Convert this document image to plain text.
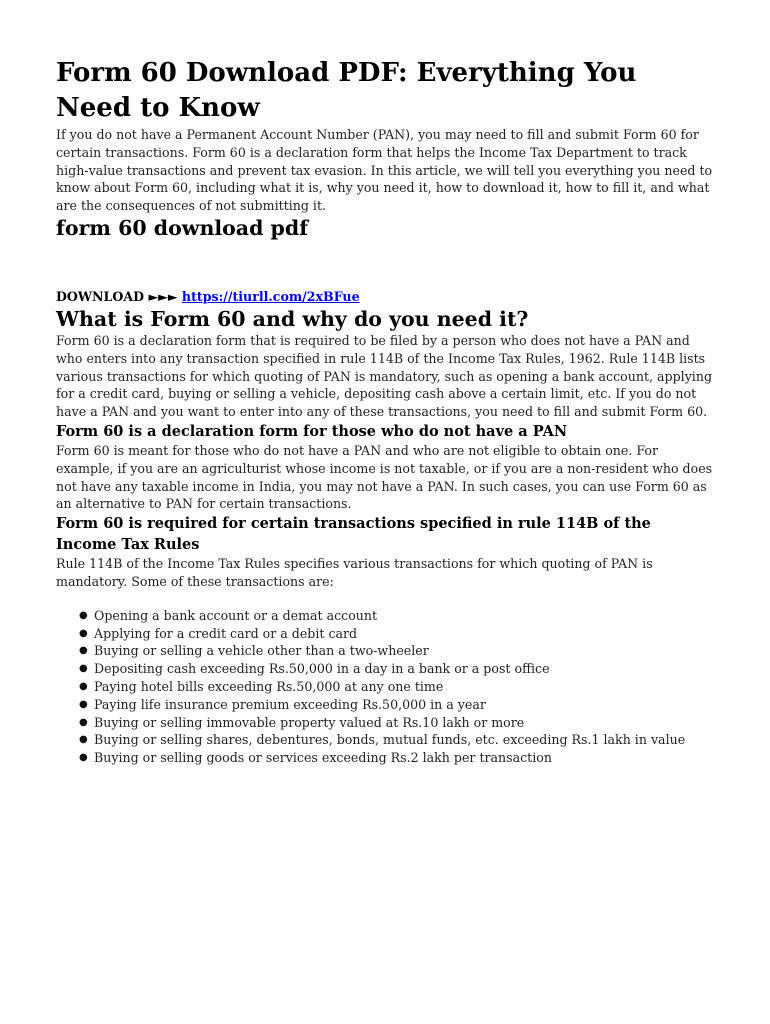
Form 60 Download PDF: Everything You Need to Know

If you do not have a Permanent Account Number (PAN), you may need to fill and submit Form 60 for certain transactions. Form 60 is a declaration form that helps the Income Tax Department to track high-value transactions and prevent tax evasion. In this article, we will tell you everything you need to know about Form 60, including what it is, why you need it, how to download it, how to fill it, and what are the consequences of not submitting it.

form 60 download pdf
DOWNLOAD ►►► https://tiurll.com/2xBFue
What is Form 60 and why do you need it?

Form 60 is a declaration form that is required to be filed by a person who does not have a PAN and who enters into any transaction specified in rule 114B of the Income Tax Rules, 1962. Rule 114B lists various transactions for which quoting of PAN is mandatory, such as opening a bank account, applying for a credit card, buying or selling a vehicle, depositing cash above a certain limit, etc. If you do not have a PAN and you want to enter into any of these transactions, you need to fill and submit Form 60.

Form 60 is a declaration form for those who do not have a PAN

Form 60 is meant for those who do not have a PAN and who are not eligible to obtain one. For example, if you are an agriculturist whose income is not taxable, or if you are a non-resident who does not have any taxable income in India, you may not have a PAN. In such cases, you can use Form 60 as an alternative to PAN for certain transactions.

Form 60 is required for certain transactions specified in rule 114B of the Income Tax Rules

Rule 114B of the Income Tax Rules specifies various transactions for which quoting of PAN is mandatory. Some of these transactions are:

● Opening a bank account or a demat account
● Applying for a credit card or a debit card
● Buying or selling a vehicle other than a two-wheeler
● Depositing cash exceeding Rs.50,000 in a day in a bank or a post office
● Paying hotel bills exceeding Rs.50,000 at any one time
● Paying life insurance premium exceeding Rs.50,000 in a year
● Buying or selling immovable property valued at Rs.10 lakh or more
● Buying or selling shares, debentures, bonds, mutual funds, etc. exceeding Rs.1 lakh in value
● Buying or selling goods or services exceeding Rs.2 lakh per transaction
